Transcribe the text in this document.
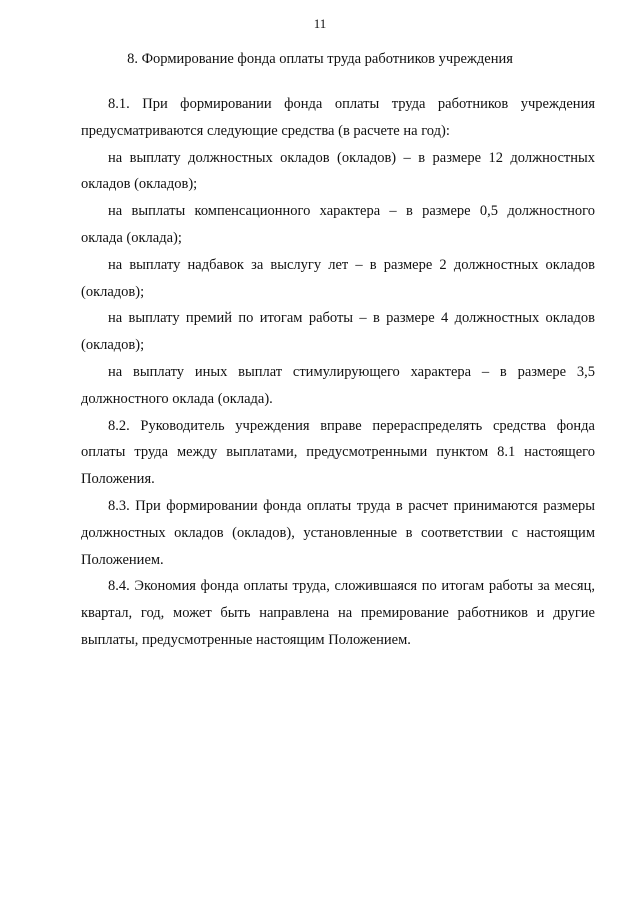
11
8. Формирование фонда оплаты труда работников учреждения

8.1. При формировании фонда оплаты труда работников учреждения предусматриваются следующие средства (в расчете на год):

на выплату должностных окладов (окладов) – в размере 12 должностных окладов (окладов);

на выплаты компенсационного характера – в размере 0,5 должностного оклада (оклада);

на выплату надбавок за выслугу лет – в размере 2 должностных окладов (окладов);

на выплату премий по итогам работы – в размере 4 должностных окладов (окладов);

на выплату иных выплат стимулирующего характера – в размере 3,5 должностного оклада (оклада).

8.2. Руководитель учреждения вправе перераспределять средства фонда оплаты труда между выплатами, предусмотренными пунктом 8.1 настоящего Положения.

8.3. При формировании фонда оплаты труда в расчет принимаются размеры должностных окладов (окладов), установленные в соответствии с настоящим Положением.

8.4. Экономия фонда оплаты труда, сложившаяся по итогам работы за месяц, квартал, год, может быть направлена на премирование работников и другие выплаты, предусмотренные настоящим Положением.
